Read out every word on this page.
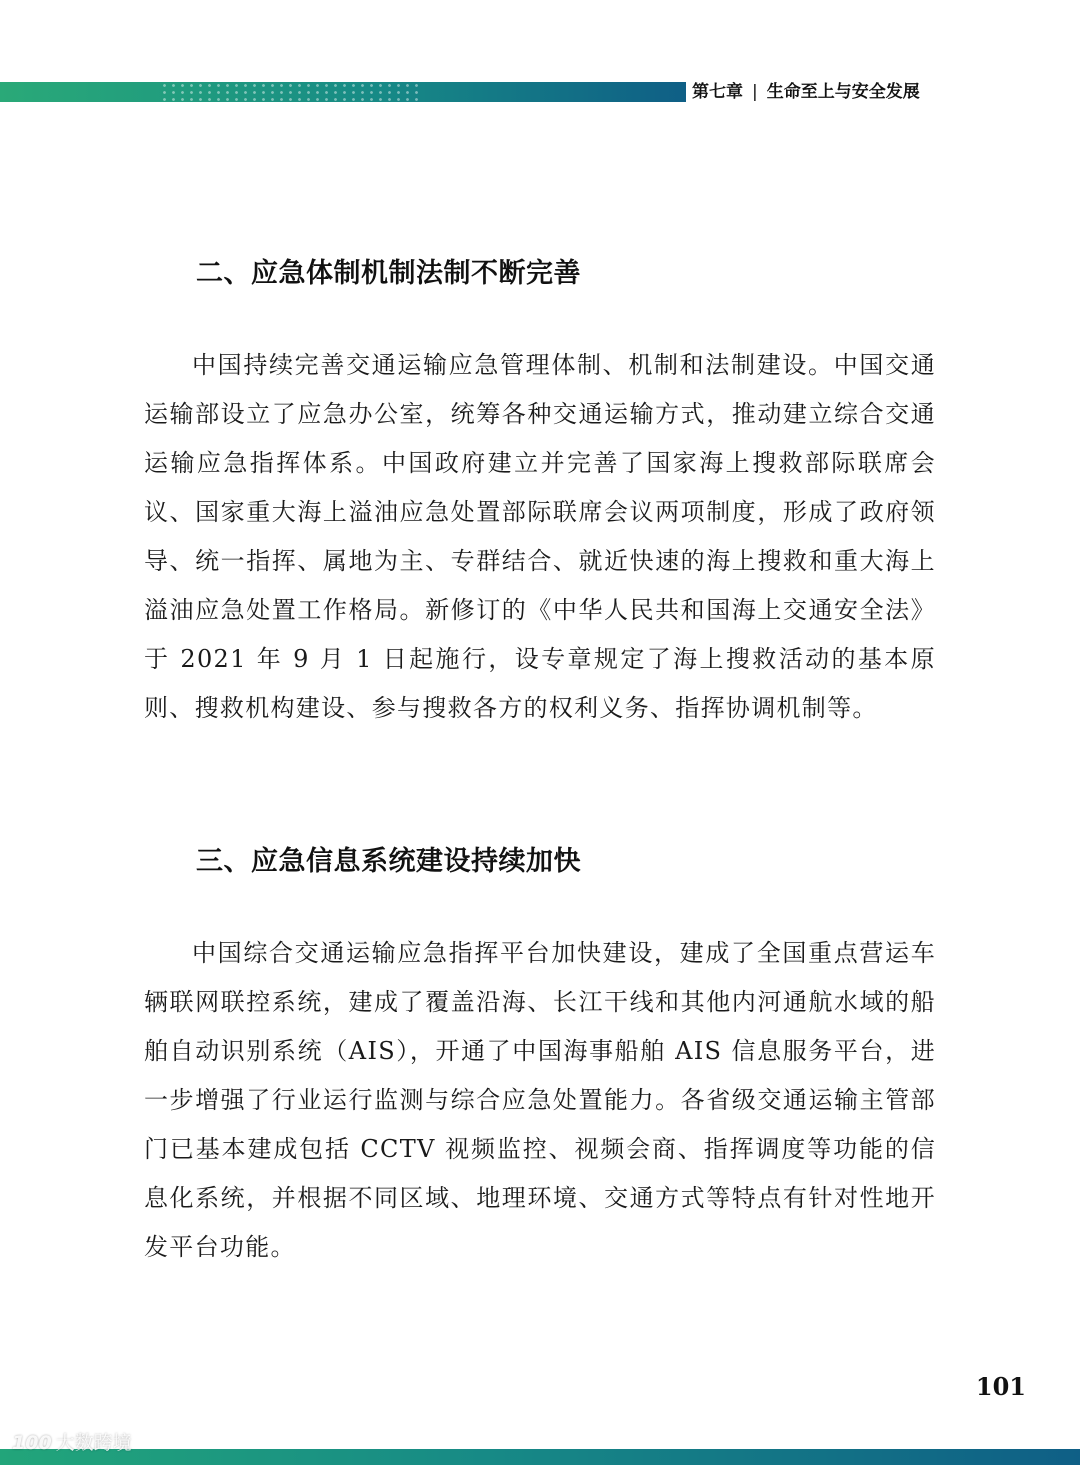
第七章 | 生命至上与安全发展
二、应急体制机制法制不断完善

中国持续完善交通运输应急管理体制、机制和法制建设。中国交通运输部设立了应急办公室，统筹各种交通运输方式，推动建立综合交通运输应急指挥体系。中国政府建立并完善了国家海上搜救部际联席会议、国家重大海上溢油应急处置部际联席会议两项制度，形成了政府领导、统一指挥、属地为主、专群结合、就近快速的海上搜救和重大海上溢油应急处置工作格局。新修订的《中华人民共和国海上交通安全法》于 2021 年 9 月 1 日起施行，设专章规定了海上搜救活动的基本原则、搜救机构建设、参与搜救各方的权利义务、指挥协调机制等。

三、应急信息系统建设持续加快

中国综合交通运输应急指挥平台加快建设，建成了全国重点营运车辆联网联控系统，建成了覆盖沿海、长江干线和其他内河通航水域的船舶自动识别系统（AIS），开通了中国海事船舶 AIS 信息服务平台，进一步增强了行业运行监测与综合应急处置能力。各省级交通运输主管部门已基本建成包括 CCTV 视频监控、视频会商、指挥调度等功能的信息化系统，并根据不同区域、地理环境、交通方式等特点有针对性地开发平台功能。

101
100 大数跨境
